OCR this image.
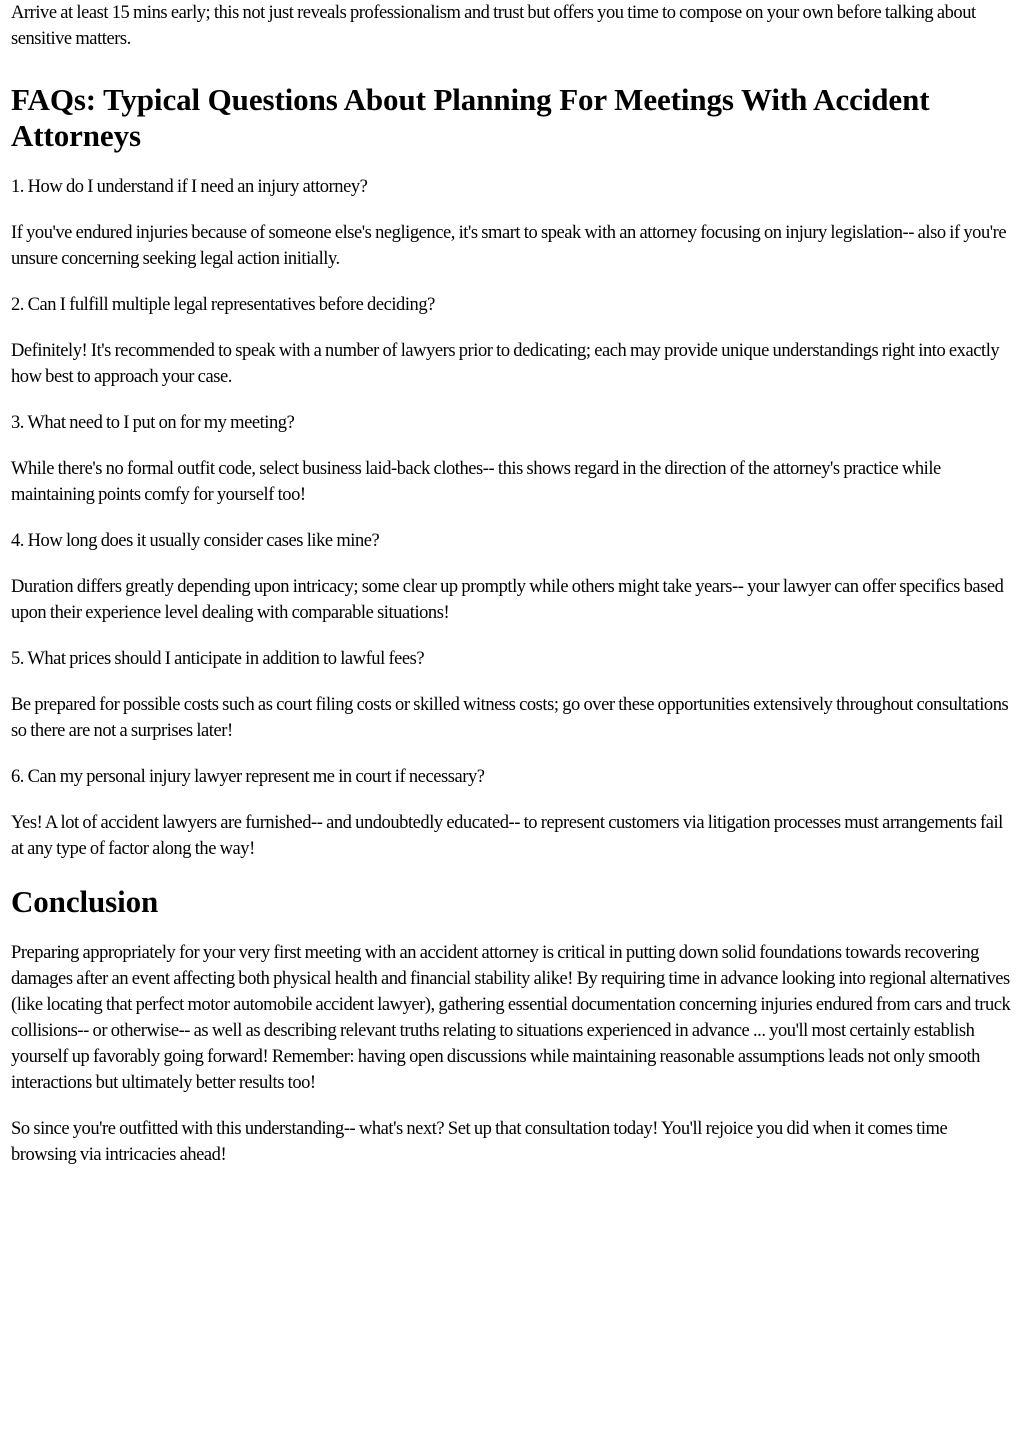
Arrive at least 15 mins early; this not just reveals professionalism and trust but offers you time to compose on your own before talking about sensitive matters.

FAQs: Typical Questions About Planning For Meetings With Accident Attorneys

1. How do I understand if I need an injury attorney?

If you've endured injuries because of someone else's negligence, it's smart to speak with an attorney focusing on injury legislation-- also if you're unsure concerning seeking legal action initially.

2. Can I fulfill multiple legal representatives before deciding?

Definitely! It's recommended to speak with a number of lawyers prior to dedicating; each may provide unique understandings right into exactly how best to approach your case.

3. What need to I put on for my meeting?

While there's no formal outfit code, select business laid-back clothes-- this shows regard in the direction of the attorney's practice while maintaining points comfy for yourself too!

4. How long does it usually consider cases like mine?

Duration differs greatly depending upon intricacy; some clear up promptly while others might take years-- your lawyer can offer specifics based upon their experience level dealing with comparable situations!

5. What prices should I anticipate in addition to lawful fees?

Be prepared for possible costs such as court filing costs or skilled witness costs; go over these opportunities extensively throughout consultations so there are not a surprises later!

6. Can my personal injury lawyer represent me in court if necessary?

Yes! A lot of accident lawyers are furnished-- and undoubtedly educated-- to represent customers via litigation processes must arrangements fail at any type of factor along the way!

Conclusion

Preparing appropriately for your very first meeting with an accident attorney is critical in putting down solid foundations towards recovering damages after an event affecting both physical health and financial stability alike! By requiring time in advance looking into regional alternatives (like locating that perfect motor automobile accident lawyer), gathering essential documentation concerning injuries endured from cars and truck collisions-- or otherwise-- as well as describing relevant truths relating to situations experienced in advance ... you'll most certainly establish yourself up favorably going forward! Remember: having open discussions while maintaining reasonable assumptions leads not only smooth interactions but ultimately better results too!

So since you're outfitted with this understanding-- what's next? Set up that consultation today! You'll rejoice you did when it comes time browsing via intricacies ahead!
